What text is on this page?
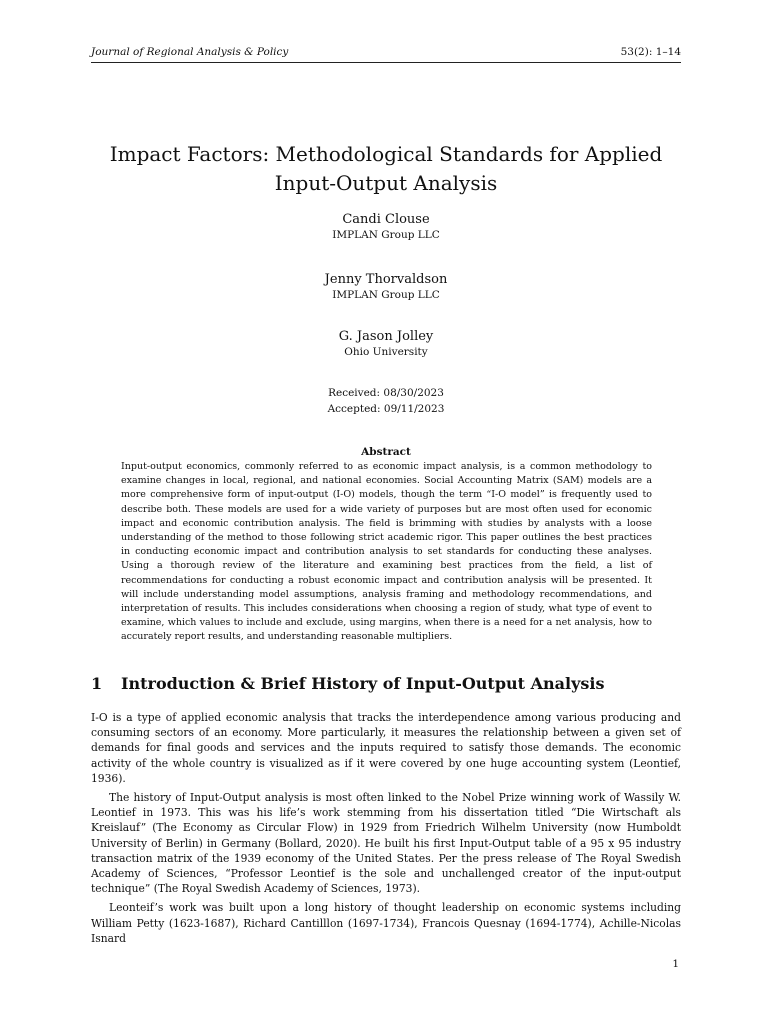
Journal of Regional Analysis & Policy	53(2): 1–14
Impact Factors: Methodological Standards for Applied
Input-Output Analysis
Candi Clouse
IMPLAN Group LLC
Jenny Thorvaldson
IMPLAN Group LLC
G. Jason Jolley
Ohio University
Received: 08/30/2023
Accepted: 09/11/2023
Abstract

Input-output economics, commonly referred to as economic impact analysis, is a common methodology to examine changes in local, regional, and national economies. Social Accounting Matrix (SAM) models are a more comprehensive form of input-output (I-O) models, though the term “I-O model” is frequently used to describe both. These models are used for a wide variety of purposes but are most often used for economic impact and economic contribution analysis. The field is brimming with studies by analysts with a loose understanding of the method to those following strict academic rigor. This paper outlines the best practices in conducting economic impact and contribution analysis to set standards for conducting these analyses. Using a thorough review of the literature and examining best practices from the field, a list of recommendations for conducting a robust economic impact and contribution analysis will be presented. It will include understanding model assumptions, analysis framing and methodology recommendations, and interpretation of results. This includes considerations when choosing a region of study, what type of event to examine, which values to include and exclude, using margins, when there is a need for a net analysis, how to accurately report results, and understanding reasonable multipliers.

1 Introduction & Brief History of Input-Output Analysis

I-O is a type of applied economic analysis that tracks the interdependence among various producing and consuming sectors of an economy. More particularly, it measures the relationship between a given set of demands for final goods and services and the inputs required to satisfy those demands. The economic activity of the whole country is visualized as if it were covered by one huge accounting system (Leontief, 1936).

The history of Input-Output analysis is most often linked to the Nobel Prize winning work of Wassily W. Leontief in 1973. This was his life’s work stemming from his dissertation titled “Die Wirtschaft als Kreislauf” (The Economy as Circular Flow) in 1929 from Friedrich Wilhelm University (now Humboldt University of Berlin) in Germany (Bollard, 2020). He built his first Input-Output table of a 95 x 95 industry transaction matrix of the 1939 economy of the United States. Per the press release of The Royal Swedish Academy of Sciences, “Professor Leontief is the sole and unchallenged creator of the input-output technique” (The Royal Swedish Academy of Sciences, 1973).

Leonteif’s work was built upon a long history of thought leadership on economic systems including William Petty (1623-1687), Richard Cantilllon (1697-1734), Francois Quesnay (1694-1774), Achille-Nicolas Isnard

1
